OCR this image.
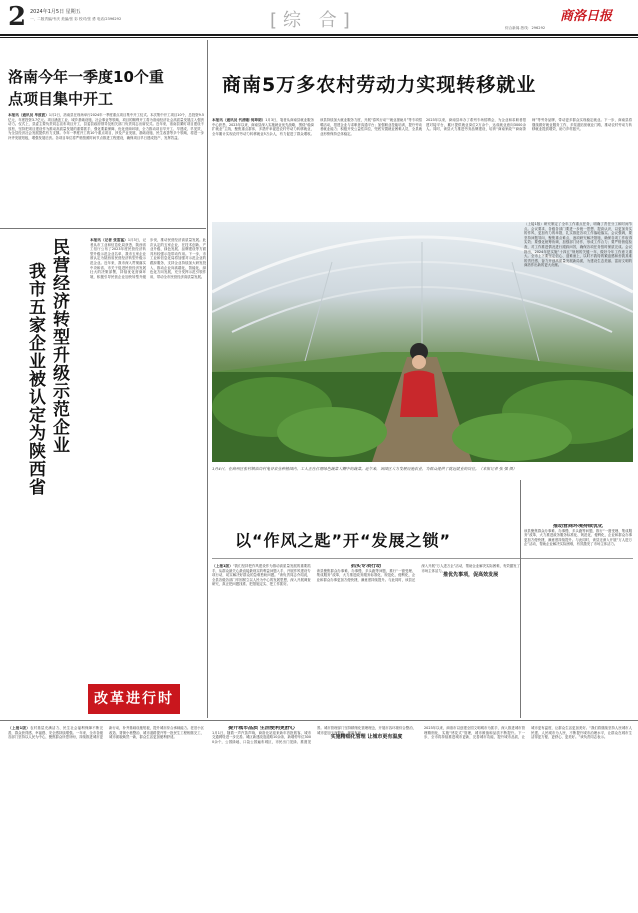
2 2024年1月5日 星期五
一、二版责编/韦庆 美编/张 彩 校对/张 勇 电话/2396292	[综 合]	商洛日报
综合新闻-热线：296292
洛南今年一季度10个重点项目集中开工
本报讯（通讯员 毕波波）1月2日，洛南县在现场举行2024年一季度重点项目集中开工仪式。本次集中开工项目10个，总投资9.5亿元，年度投资3.7亿元。项目涵盖工业、城乡基础设施、社会事业等领域，项目的顺利开工将为洛南经济社会高质量发展注入强劲动力。仪式上，县委主要负责同志宣布项目开工，县委县政府领导及相关部门负责同志出席仪式。近年来，洛南县紧盯项目建设不放松，坚持把项目建设作为推动高质量发展的重要抓手，强化要素保障，优化营商环境，全力推动项目早开工、早建成、早见效，为全县经济社会发展提供有力支撑。今年一季度开工的10个重点项目，涉及产业发展、基础设施、民生改善等多个领域，将进一步补齐发展短板，增强发展后劲。各项目单位将严格按照时间节点推进工程建设，确保项目早日建成投产、发挥效益。
商南5万多农村劳动力实现转移就业
本报讯（通讯员 代清刚 何坤朗）1月3日，笔者从商南县就业服务中心获悉，2023年以来，商南县深入实施就业优先战略，围绕“稳岗扩就业”主线，聚焦重点群体，多措并举促进农村劳动力转移就业，全年累计实现农村劳动力转移就业5万余人，有力促进了群众增收。该县持续加大就业服务力度，开展“春风行动”“就业援助月”等专项招聘活动，搭建企业与求职者沟通平台；加强职业技能培训，提升劳动者就业能力；积极开发公益性岗位，兜底安置就业困难人员，全县就业形势保持总体稳定。
2023年以来，商南县举办了系列专场招聘会，为企业和求职者搭建对接平台，累计提供就业岗位2万余个，达成就业意向3000余人。同时，该县大力推进劳务品牌建设，培育“商南家政”“商南茶师”等劳务品牌，带动更多群众实现稳定就业。下一步，商南县将继续做好就业服务工作，多渠道拓宽就业门路，推动农村劳动力转移就业提质增效，助力乡村振兴。
1月4日，在商州区张村镇油坊村鬼谷农业种植园内，工人正在打理绿色蔬菜大棚中的蔬菜。近年来，该园区大力发展设施农业，为群众提供了就近就业的岗位。（本报记者 张 强 摄）
（上接1版）研究制定了全年工作重点任务，明确了责任分工和时间节点。会议要求，各级各部门要进一步统一思想、提高认识，以更加务实的作风、更加有力的举措，扎实推进各项工作落地落实。会议强调，要坚持问题导向，聚焦重点难点，逐项研究解决措施，确保各项工作取得实效；要强化统筹协调，加强部门协作，形成工作合力；要严格督促检查，对工作推进情况进行跟踪问效，确保各项任务按时保质完成。会议指出，2024年是实施“十四五”规划的关键一年，做好今年工作意义重大。全市上下要坚定信心、迎难而上，以时不我待的紧迫感和舍我其谁的责任感，奋力开创高质量发展新局面，为建设生态美丽、富裕文明的商洛作出新的更大贡献。
民营经济转型升级示范企业
我市五家企业被认定为陕西省
本报讯（记者 张雷猛）1月3日，记者从市工业和信息化局获悉，陕西省工信厅公布了2023年度民营经济转型升级示范企业名单，我市五家企业被认定为陕西省民营经济转型升级示范企业。近年来，我市深入贯彻落实中央和省、市关于促进民营经济发展壮大的决策部署，持续优化营商环境，积极引导民营企业加快转型升级步伐，推动民营经济高质量发展。此次认定的五家企业，在技术创新、产业升级、绿色发展、品牌建设等方面具有较强示范带动作用。下一步，市工业和信息化局将加强对示范企业的跟踪服务，支持企业持续加大研发投入，推动企业向高端化、智能化、绿色化方向发展，充分发挥示范引领作用，带动全市民营经济高质量发展。
改革进行时
以“作风之匙”开“发展之锁”
（上接1版）“我们坚持把作风建设作为推动高质量发展的重要抓手，从群众最关心最直接最现实的利益问题入手，开展作风建设专项行动，切实解决好群众的急难愁盼问题。”该负责同志介绍说，全县各级各部门牢固树立以人民为中心的发展思想，深入开展调查研究，真正把问题找准、把措施定实、把工作抓好。
抓实专项行动
该县聚焦群众办事难、办事慢、多头跑等问题，推行“一窗受理、集成服务”改革，大力推进政务服务标准化、规范化、便利化，企业和群众办事更加方便快捷，满意度持续提升。与此同时，该县还深入开展“万人进万企”活动，帮助企业解决实际困难，有效激发了市场主体活力。
推优先事项，促高效发展
推动营商环境持续优化
该县聚焦群众办事难、办事慢、多头跑等问题，推行“一窗受理、集成服务”改革，大力推进政务服务标准化、规范化、便利化，企业和群众办事更加方便快捷，满意度持续提升。与此同时，该县还深入开展“万人进万企”活动，帮助企业解决实际困难，有效激发了市场主体活力。
（上接1版）农村基层充满活力、民生社会福利保障不断完善，群众获得感、幸福感、安全感持续增强。一年来，全市各级各部门坚持以人民为中心，聚焦群众所思所盼，持续推进城市更新行动，补齐基础设施短板，提升城市综合承载能力。老旧小区改造、背街小巷整治、城市道路提升等一批民生工程相继完工，城市面貌焕然一新，群众生活更加便利舒适。
提升城市品质 生活便利更舒心
1月1日，随着一声汽笛声响，商洛北站迎来新年首批旅客，城市交通网络进一步完善。城区新建改造道路10余条，新增停车位3000余个，公园绿地、口袋公园遍布城区，市民出门见绿、推窗见景。城市管理部门坚持精细化管理理念，开展市容环境综合整治，城市更加干净整洁、规范有序。
实施精细化管理 让城市更有温度
2023年以来，商洛市以创建全国文明城市为抓手，深入推进城市管理精细化，实施“绣花式”管理，城市颜值和品质不断提升。下一步，全市将持续推进城市更新，完善城市功能，提升城市品质，让城市更有温度，让群众生活更加美好。“我们将继续坚持人民城市人民建、人民城市为人民，不断提升城市治理水平，让群众在城市生活得更方便、更舒心、更美好。”该负责同志表示。
